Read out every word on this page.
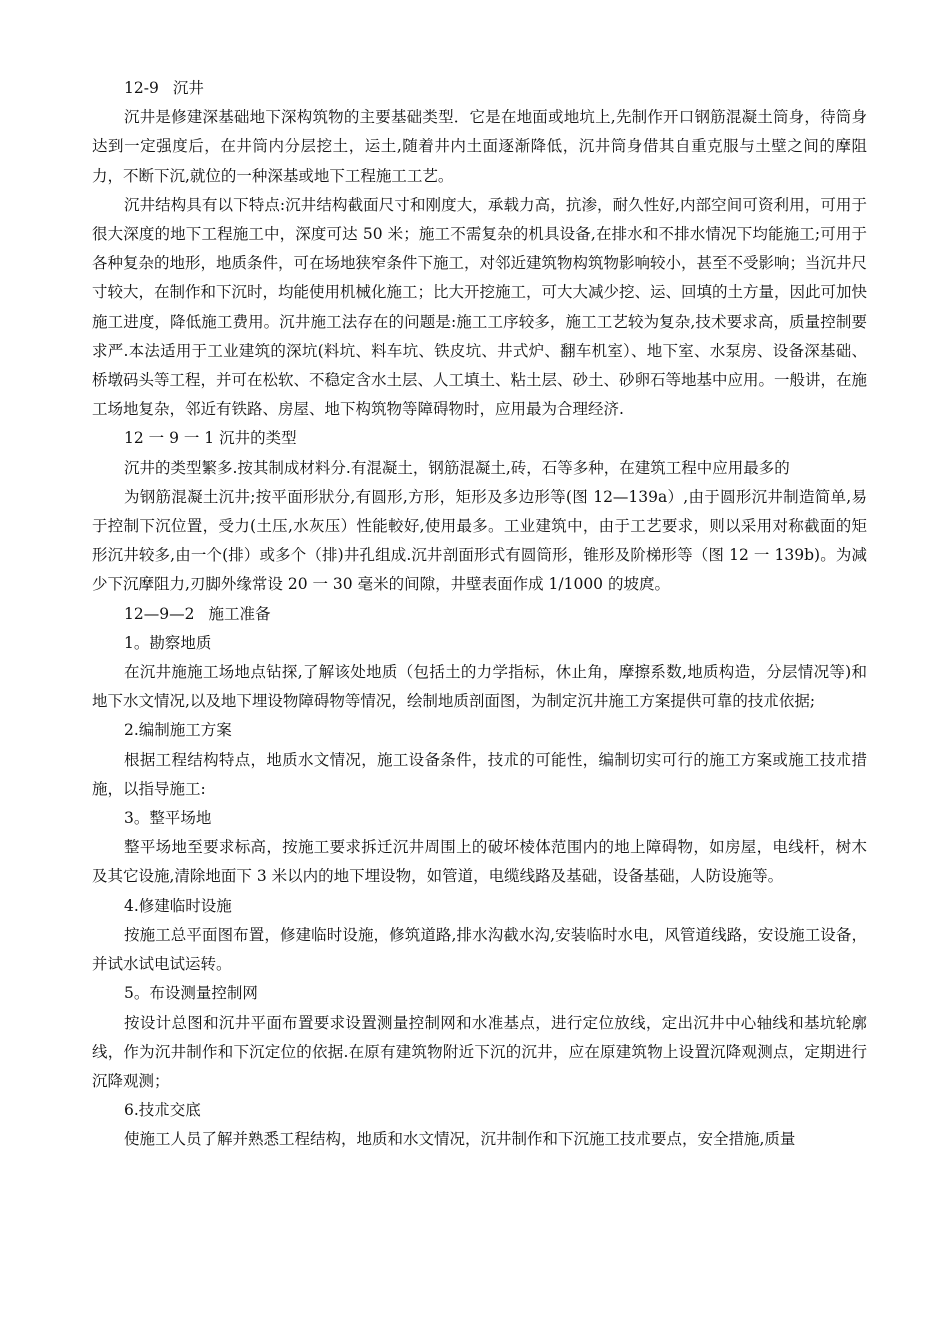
12-9 沉井

沉井是修建深基础地下深构筑物的主要基础类型．它是在地面或地坑上,先制作开口钢筋混凝土筒身，待筒身达到一定强度后，在井筒内分层挖土，运土,随着井内土面逐渐降低，沉井筒身借其自重克服与土壁之间的摩阻力，不断下沉,就位的一种深基或地下工程施工工艺。

沉井结构具有以下特点:沉井结构截面尺寸和刚度大，承载力高，抗渗，耐久性好,内部空间可资利用，可用于很大深度的地下工程施工中，深度可达 50 米；施工不需复杂的机具设备,在排水和不排水情况下均能施工;可用于各种复杂的地形，地质条件，可在场地狭窄条件下施工，对邻近建筑物构筑物影响较小，甚至不受影响；当沉井尺寸较大，在制作和下沉时，均能使用机械化施工；比大开挖施工，可大大减少挖、运、回填的土方量，因此可加快施工进度，降低施工费用。沉井施工法存在的问题是:施工工序较多，施工工艺较为复杂,技术要求高，质量控制要求严.本法适用于工业建筑的深坑(料坑、料车坑、铁皮坑、井式炉、翻车机室）、地下室、水泵房、设备深基础、桥墩码头等工程，并可在松软、不稳定含水土层、人工填土、粘土层、砂土、砂卵石等地基中应用。一般讲，在施工场地复杂，邻近有铁路、房屋、地下构筑物等障碍物时，应用最为合理经济.

12 一 9 一 1 沉井的类型

沉井的类型繁多.按其制成材料分.有混凝土，钢筋混凝土,砖，石等多种，在建筑工程中应用最多的

为钢筋混凝土沉井;按平面形狀分,有圆形,方形，矩形及多边形等(图 12—139a）,由于圆形沉井制造简单,易于控制下沉位置，受力(土压,水灰压）性能較好,使用最多。工业建筑中，由于工艺要求，则以采用对称截面的矩形沉井较多,由一个(排）或多个（排)井孔组成.沉井剖面形式有圆筒形，锥形及阶梯形等（图 12 一 139b)。为减少下沉摩阻力,刃脚外缘常设 20 一 30 毫米的间隙，井壁表面作成 1/1000 的坡庹。

12—9—2 施工准备

1。勘察地质

在沉井施施工场地点钻探,了解该处地质（包括土的力学指标，休止角，摩擦系数,地质构造，分层情况等)和地下水文情况,以及地下埋设物障碍物等情况，绘制地质剖面图，为制定沉井施工方案提供可靠的技朮依据;

2.编制施工方案

根据工程结构特点，地质水文情况，施工设备条件，技朮的可能性，编制切实可行的施工方案或施工技朮措施，以指导施工:

3。整平场地

整平场地至要求标高，按施工要求拆迁沉井周围上的破坏棱体范围内的地上障碍物，如房屋，电线杆，树木及其它设施,清除地面下 3 米以内的地下埋设物，如管道，电缆线路及基础，设备基础，人防设施等。

4.修建临时设施

按施工总平面图布置，修建临时设施，修筑道路,排水沟截水沟,安装临时水电，风管道线路，安设施工设备，并试水试电试运转。

5。布设测量控制网

按设计总图和沉井平面布置要求设置测量控制网和水准基点，进行定位放线，定出沉井中心轴线和基坑轮廓线，作为沉井制作和下沉定位的依据.在原有建筑物附近下沉的沉井，应在原建筑物上设置沉降观测点，定期进行沉降观测；

6.技朮交底

使施工人员了解并熟悉工程结构，地质和水文情况，沉井制作和下沉施工技朮要点，安全措施,质量
